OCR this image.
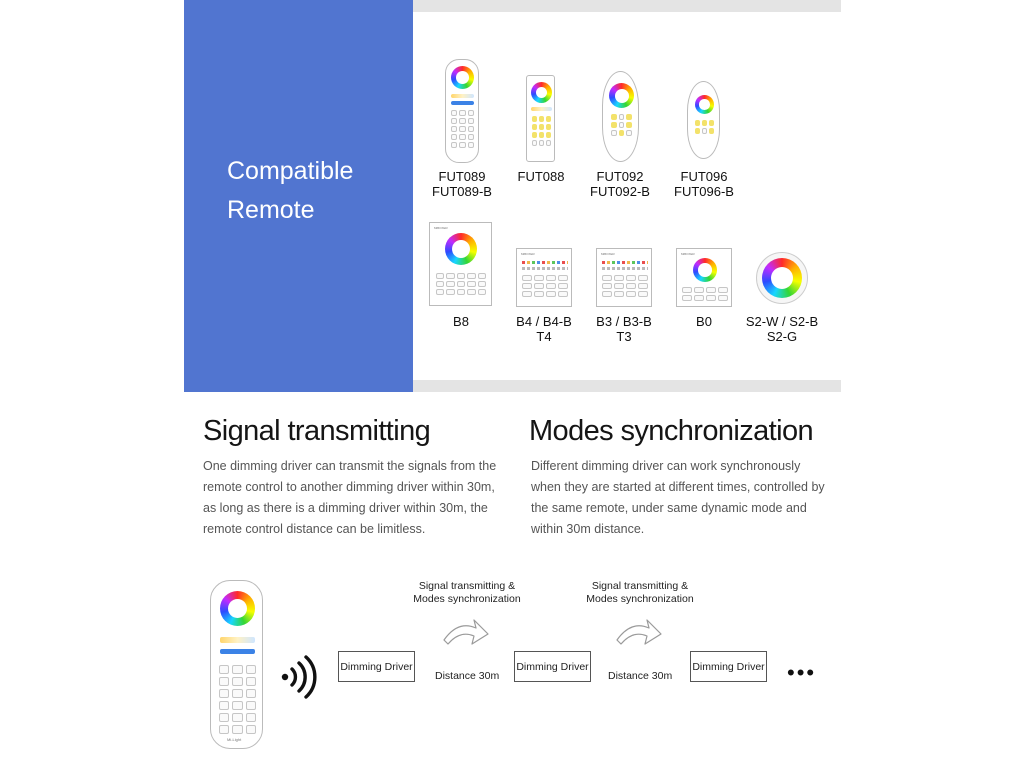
Compatible
Remote
FUT089
FUT089-B
FUT088	FUT092
FUT092-B
FUT096
FUT096-B
MiBOXER
B8
MiBOXER
B4 / B4-B
T4
MiBOXER
B3 / B3-B
T3
MiBOXER
B0	S2-W / S2-B
S2-G
Signal transmitting
One dimming driver can transmit the signals from the remote control to another dimming driver within 30m, as long as there is a dimming driver within 30m, the remote control distance can be limitless.
Modes synchronization
Different dimming driver can work synchronously when they are started at different times, controlled by the same remote, under same dynamic mode and within 30m distance.
Mi-Light
Dimming Driver
Distance 30m
Dimming Driver
Distance 30m
Dimming Driver •••
Signal transmitting &
Modes synchronization
Signal transmitting &
Modes synchronization
